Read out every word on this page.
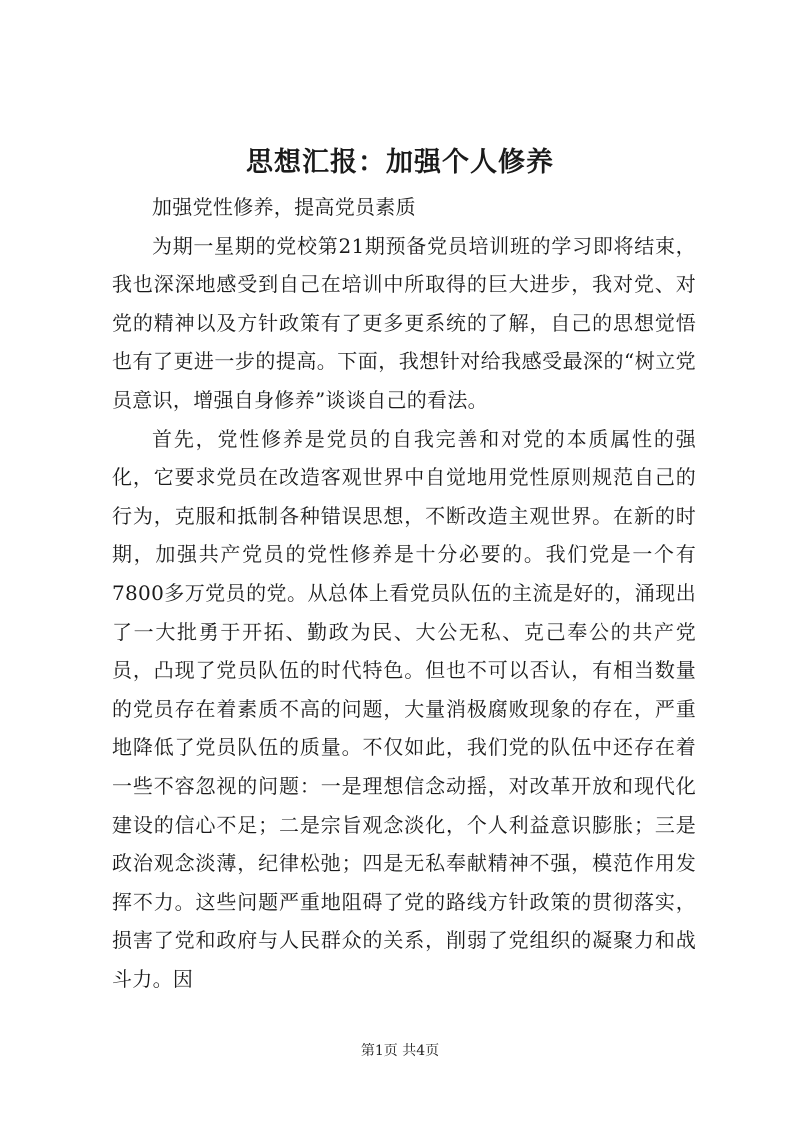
思想汇报：加强个人修养

加强党性修养，提高党员素质

为期一星期的党校第21期预备党员培训班的学习即将结束，我也深深地感受到自己在培训中所取得的巨大进步，我对党、对党的精神以及方针政策有了更多更系统的了解，自己的思想觉悟也有了更进一步的提高。下面，我想针对给我感受最深的“树立党员意识，增强自身修养”谈谈自己的看法。

首先，党性修养是党员的自我完善和对党的本质属性的强化，它要求党员在改造客观世界中自觉地用党性原则规范自己的行为，克服和抵制各种错误思想，不断改造主观世界。在新的时期，加强共产党员的党性修养是十分必要的。我们党是一个有7800多万党员的党。从总体上看党员队伍的主流是好的，涌现出了一大批勇于开拓、勤政为民、大公无私、克己奉公的共产党员，凸现了党员队伍的时代特色。但也不可以否认，有相当数量的党员存在着素质不高的问题，大量消极腐败现象的存在，严重地降低了党员队伍的质量。不仅如此，我们党的队伍中还存在着一些不容忽视的问题：一是理想信念动摇，对改革开放和现代化建设的信心不足；二是宗旨观念淡化，个人利益意识膨胀；三是政治观念淡薄，纪律松弛；四是无私奉献精神不强，模范作用发挥不力。这些问题严重地阻碍了党的路线方针政策的贯彻落实，损害了党和政府与人民群众的关系，削弱了党组织的凝聚力和战斗力。因

第1页 共4页
